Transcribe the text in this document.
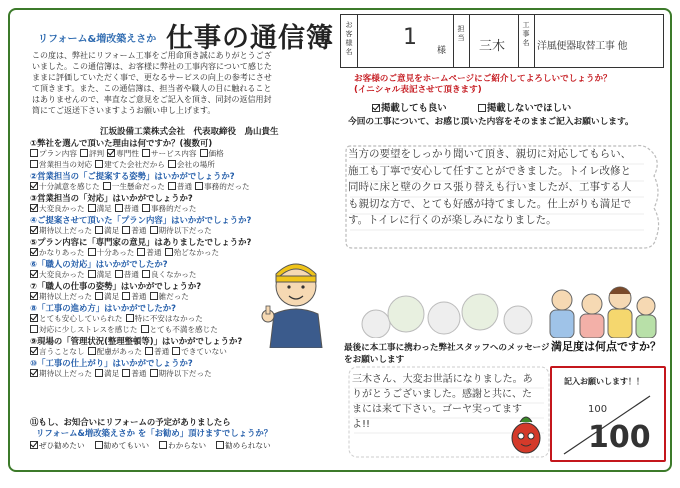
リフォーム&増改築えさか 仕事の通信簿
この度は、弊社にリフォーム工事をご用命頂き誠にありがとうござ
いました。この通信簿は、お客様に弊社の工事内容について感じた
ままに評価していただく事で、更なるサービスの向上の参考にさせ
て頂きます。また、この通信簿は、担当者や職人の目に触れること
はありませんので、率直なご意見をご記入を頂き、同封の返信用封
筒にてご返送下さいますようお願い申し上げます。
江坂設備工業株式会社　代表取締役　鳥山貴生
①弊社を選んで頂いた理由は何ですか？(複数可)
プラン内容 評判 専門性 サービス内容 価格
営業担当の対応 建てた会社だから 会社の場所
②営業担当の「ご提案する姿勢」はいかがでしょうか?
十分誠意を感じた 一生懸命だった 普通 事務的だった
③営業担当の「対応」はいかがでしょうか?
大変良かった 満足 普通 事務的だった
④ご提案させて頂いた「プラン内容」はいかがでしょうか?
期待以上だった 満足 普通 期待以下だった
⑤プラン内容に「専門家の意見」はありましたでしょうか?
かなりあった 十分あった 普通 殆どなかった
⑥「職人の対応」はいかがでしたか?
大変良かった 満足 普通 良くなかった
⑦「職人の仕事の姿勢」はいかがでしょうか?
期待以上だった 満足 普通 雑だった
⑧「工事の進め方」はいかがでしたか?
とても安心していられた 特に不安はなかった
対応に少しストレスを感じた とても不満を感じた
⑨現場の「管理状況(整理整頓等)」はいかがでしょうか?
言うことなし 配慮があった 普通 できていない
⑩「工事の仕上がり」はいかがでしょうか?
期待以上だった 満足 普通 期待以下だった
⑪もし、お知合いにリフォームの予定がありましたら
リフォーム&増改築えさか を「お勧め」頂けますでしょうか？
ぜひ勧めたい	勧めてもいい	わからない	勧められない
お客様名
1
様
担当
三木
工事名 洋風便器取替工事 他
お客様のご意見をホームページにご紹介してよろしいでしょうか？
(イニシャル表記させて頂きます)
掲載しても良い	掲載しないでほしい
今回の工事について、お感じ頂いた内容をそのままご記入お願いします。
当方の要望をしっかり聞いて頂き、親切に対応してもらい、施工も丁寧で安心して任すことができました。トイレ改修と同時に床と壁のクロス張り替えも行いましたが、工事する人も親切な方で、とても好感が持てました。仕上がりも満足です。トイレに行くのが楽しみになりました。
最後に本工事に携わった弊社スタッフへのメッセージをお願いします
三木さん、大変お世話になりました。ありがとうございました。感謝と共に、たまには来て下さい。ゴーヤ実ってますよ!!
満足度は何点ですか？
記入お願いします！！
100
100
